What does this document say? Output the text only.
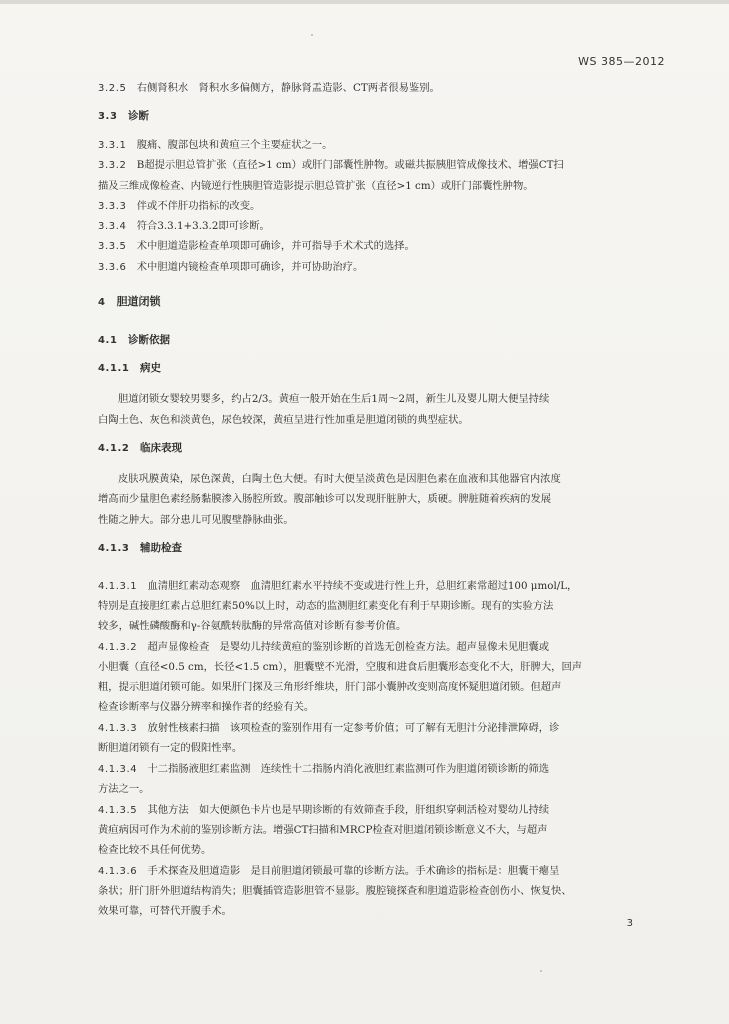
WS 385—2012
3.2.5　 右侧肾积水　肾积水多偏侧方，静脉肾盂造影、CT两者很易鉴别。
3.3　 诊断
3.3.1　 腹痛、腹部包块和黄疸三个主要症状之一。
3.3.2　 B超提示胆总管扩张（直径>1 cm）或肝门部囊性肿物。或磁共振胰胆管成像技术、增强CT扫
描及三维成像检查、内镜逆行性胰胆管造影提示胆总管扩张（直径>1 cm）或肝门部囊性肿物。
3.3.3　 伴或不伴肝功指标的改变。
3.3.4　 符合3.3.1+3.3.2即可诊断。
3.3.5　 术中胆道造影检查单项即可确诊，并可指导手术术式的选择。
3.3.6　 术中胆道内镜检查单项即可确诊，并可协助治疗。
4　 胆道闭锁
4.1　 诊断依据
4.1.1　 病史
胆道闭锁女婴较男婴多，约占2/3。黄疸一般开始在生后1周～2周，新生儿及婴儿期大便呈持续
白陶土色、灰色和淡黄色，尿色较深，黄疸呈进行性加重是胆道闭锁的典型症状。
4.1.2　 临床表现
皮肤巩膜黄染，尿色深黄，白陶土色大便。有时大便呈淡黄色是因胆色素在血液和其他器官内浓度
增高而少量胆色素经肠黏膜渗入肠腔所致。腹部触诊可以发现肝脏肿大，质硬。脾脏随着疾病的发展
性随之肿大。部分患儿可见腹壁静脉曲张。
4.1.3　 辅助检查
4.1.3.1　 血清胆红素动态观察　血清胆红素水平持续不变或进行性上升，总胆红素常超过100 μmol/L，
特别是直接胆红素占总胆红素50%以上时，动态的监测胆红素变化有利于早期诊断。现有的实验方法
较多，碱性磷酸酶和γ-谷氨酰转肽酶的异常高值对诊断有参考价值。
4.1.3.2　 超声显像检查　是婴幼儿持续黄疸的鉴别诊断的首选无创检查方法。超声显像未见胆囊或
小胆囊（直径<0.5 cm，长径<1.5 cm），胆囊壁不光滑，空腹和进食后胆囊形态变化不大，肝脾大，回声
粗，提示胆道闭锁可能。如果肝门探及三角形纤维块，肝门部小囊肿改变则高度怀疑胆道闭锁。但超声
检查诊断率与仪器分辨率和操作者的经验有关。
4.1.3.3　 放射性核素扫描　该项检查的鉴别作用有一定参考价值；可了解有无胆汁分泌排泄障碍，诊
断胆道闭锁有一定的假阳性率。
4.1.3.4　 十二指肠液胆红素监测　连续性十二指肠内消化液胆红素监测可作为胆道闭锁诊断的筛选
方法之一。
4.1.3.5　 其他方法　如大便颜色卡片也是早期诊断的有效筛查手段，肝组织穿刺活检对婴幼儿持续
黄疸病因可作为术前的鉴别诊断方法。增强CT扫描和MRCP检查对胆道闭锁诊断意义不大，与超声
检查比较不具任何优势。
4.1.3.6　 手术探查及胆道造影　是目前胆道闭锁最可靠的诊断方法。手术确诊的指标是：胆囊干瘪呈
条状；肝门肝外胆道结构消失；胆囊插管造影胆管不显影。腹腔镜探查和胆道造影检查创伤小、恢复快、
效果可靠，可替代开腹手术。
3
